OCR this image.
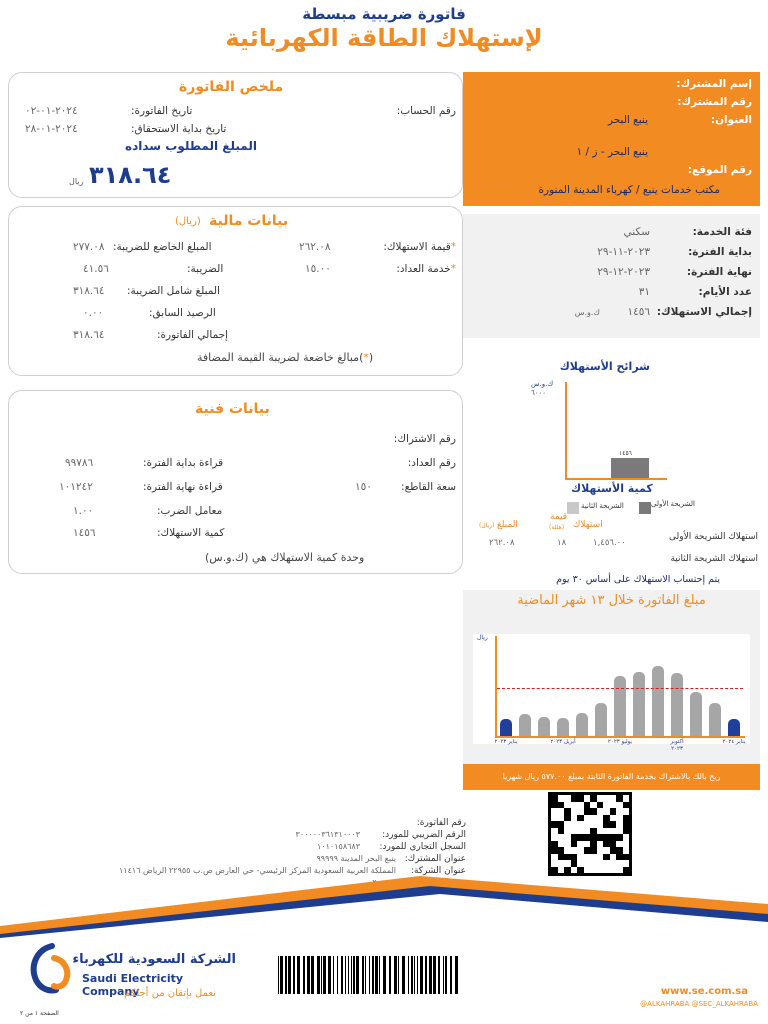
فاتورة ضريبية مبسطة
لإستهلاك الطاقة الكهربائية
إسم المشترك:
رقم المشترك:
العنوان:
ينبع البحر
ينبع البحر - ز / ١
رقم الموقع:
مكتب خدمات ينبع / كهرباء المدينة المنورة
ملخص الفاتورة
رقم الحساب:
تاريخ الفاتورة:
٢٠٢٤-٠١-٠٢
تاريخ بداية الاستحقاق:
٢٠٢٤-٠١-٢٨
المبلغ المطلوب سداده
٣١٨.٦٤
ريال
فئة الخدمة:
سكني
بداية الفترة:
٢٠٢٣-١١-٢٩
نهاية الفترة:
٢٠٢٣-١٢-٢٩
عدد الأيام:
٣١
إجمالي الاستهلاك:
١٤٥٦
ك.و.س
بيانات مالية
(ريال)
*قيمة الاستهلاك:
٢٦٢.٠٨
*خدمة العداد:
١٥.٠٠
المبلغ الخاضع للضريبة:
٢٧٧.٠٨
الضريبة:
٤١.٥٦
المبلغ شامل الضريبة:
٣١٨.٦٤
الرصيد السابق:
٠.٠٠
إجمالي الفاتورة:
٣١٨.٦٤
(*)مبالغ خاضعة لضريبة القيمة المضافة
بيانات فنية
رقم الاشتراك:
رقم العداد:
سعة القاطع:
١٥٠
قراءة بداية الفترة:
٩٩٧٨٦
قراءة نهاية الفترة:
١٠١٢٤٢
معامل الضرب:
١.٠٠
كمية الاستهلاك:
١٤٥٦
وحدة كمية الاستهلاك هي (ك.و.س)
شرائح الأستهلاك
ك.و.س
٦٠٠٠
١٤٥٦
كمية الأستهلاك
الشريحة الأولى
الشريحة الثانية
استهلاك
قيمة
(هللة)
المبلغ
(ريال)
استهلاك الشريحة الأولى
١,٤٥٦.٠٠
١٨
٢٦٢.٠٨
استهلاك الشريحة الثانية
يتم إحتساب الاستهلاك على أساس ٣٠ يوم
مبلغ الفاتورة خلال ١٣ شهر الماضية
ريال
يناير ٢٠٢٣	أبريل ٢٠٢٣	يوليو ٢٠٢٣	أكتوبر ٢٠٢٣
يناير ٢٠٢٤
ربح بالك بالاشتراك بخدمة الفاتورة الثابتة بمبلغ ٥٧٧.٠٠ ريال شهريا
رقم الفاتورة:
الرقم الضريبي للمورد:
٣٠٠٠٠٠٣٦١٣١٠٠٠٣
السجل التجاري للمورد:
١٠١٠١٥٨٦٨٣
عنوان المشترك:
ينبع البحر المدينة ٩٩٩٩٩
عنوان الشركة:
المملكة العربية السعودية المركز الرئيسي- حي العارض ص.ب ٢٢٩٥٥ الرياض ١١٤١٦
الشركة السعودية للكهرباء
Saudi Electricity Company
نعمل بإتقان من أجلكم	www.se.com.sa
@ALKAHRABA @SEC_ALKAHRABA
الصفحة ١ من ٢
